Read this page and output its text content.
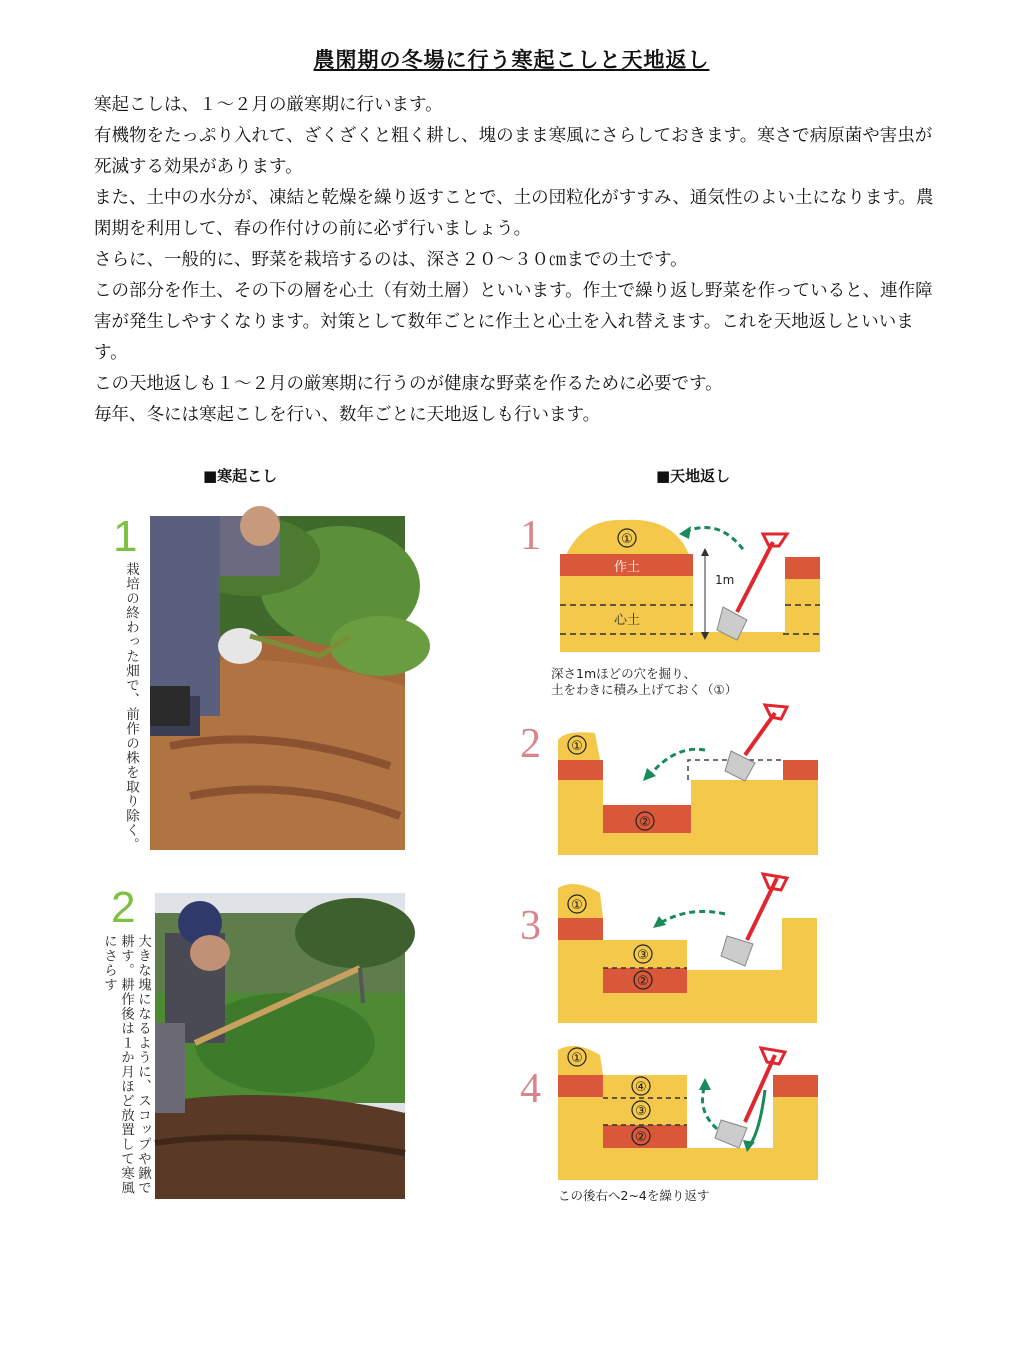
農閑期の冬場に行う寒起こしと天地返し

寒起こしは、１～２月の厳寒期に行います。

有機物をたっぷり入れて、ざくざくと粗く耕し、塊のまま寒風にさらしておきます。寒さで病原菌や害虫が死滅する効果があります。

また、土中の水分が、凍結と乾燥を繰り返すことで、土の団粒化がすすみ、通気性のよい土になります。農閑期を利用して、春の作付けの前に必ず行いましょう。

さらに、一般的に、野菜を栽培するのは、深さ２０～３０㎝までの土です。

この部分を作土、その下の層を心土（有効土層）といいます。作土で繰り返し野菜を作っていると、連作障害が発生しやすくなります。対策として数年ごとに作土と心土を入れ替えます。これを天地返しといいます。

この天地返しも１～２月の厳寒期に行うのが健康な野菜を作るために必要です。

毎年、冬には寒起こしを行い、数年ごとに天地返しも行います。

■寒起こし	■天地返し
1
栽培の終わった畑で、前作の株を取り除く。
2
大きな塊になるように、スコップや鍬で耕す。耕作後は１か月ほど放置して寒風にさらす
1
2
3
4
①
作土
心土
1m
深さ1mほどの穴を掘り、
土をわきに積み上げておく（①）
①
②
①
③
②
①
④
③
②
この後右へ2~4を繰り返す
